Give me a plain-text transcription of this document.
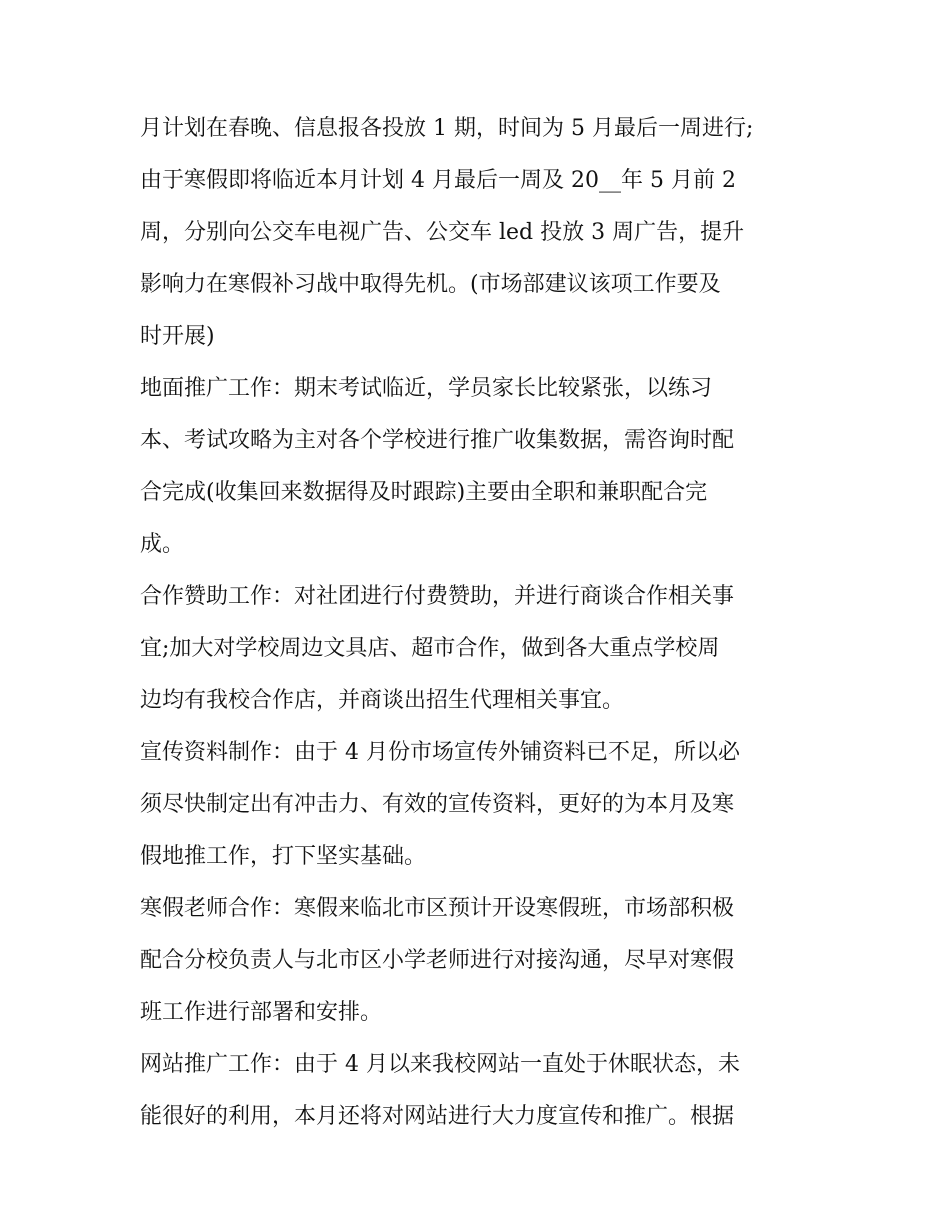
月计划在春晚、信息报各投放 1 期，时间为 5 月最后一周进行;
由于寒假即将临近本月计划 4 月最后一周及 20__年 5 月前 2
周，分别向公交车电视广告、公交车 led 投放 3 周广告，提升
影响力在寒假补习战中取得先机。(市场部建议该项工作要及
时开展)
地面推广工作：期末考试临近，学员家长比较紧张，以练习
本、考试攻略为主对各个学校进行推广收集数据，需咨询时配
合完成(收集回来数据得及时跟踪)主要由全职和兼职配合完
成。
合作赞助工作：对社团进行付费赞助，并进行商谈合作相关事
宜;加大对学校周边文具店、超市合作，做到各大重点学校周
边均有我校合作店，并商谈出招生代理相关事宜。
宣传资料制作：由于 4 月份市场宣传外铺资料已不足，所以必
须尽快制定出有冲击力、有效的宣传资料，更好的为本月及寒
假地推工作，打下坚实基础。
寒假老师合作：寒假来临北市区预计开设寒假班，市场部积极
配合分校负责人与北市区小学老师进行对接沟通，尽早对寒假
班工作进行部署和安排。
网站推广工作：由于 4 月以来我校网站一直处于休眠状态，未
能很好的利用，本月还将对网站进行大力度宣传和推广。根据
